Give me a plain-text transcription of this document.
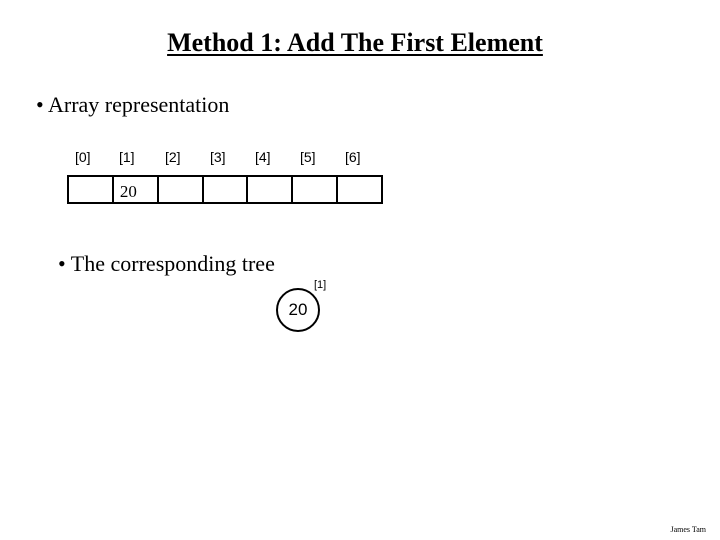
Method 1: Add The First Element
• Array representation
[0] [1] [2] [3] [4] [5] [6]
20
• The corresponding tree
[1]
20
James Tam
